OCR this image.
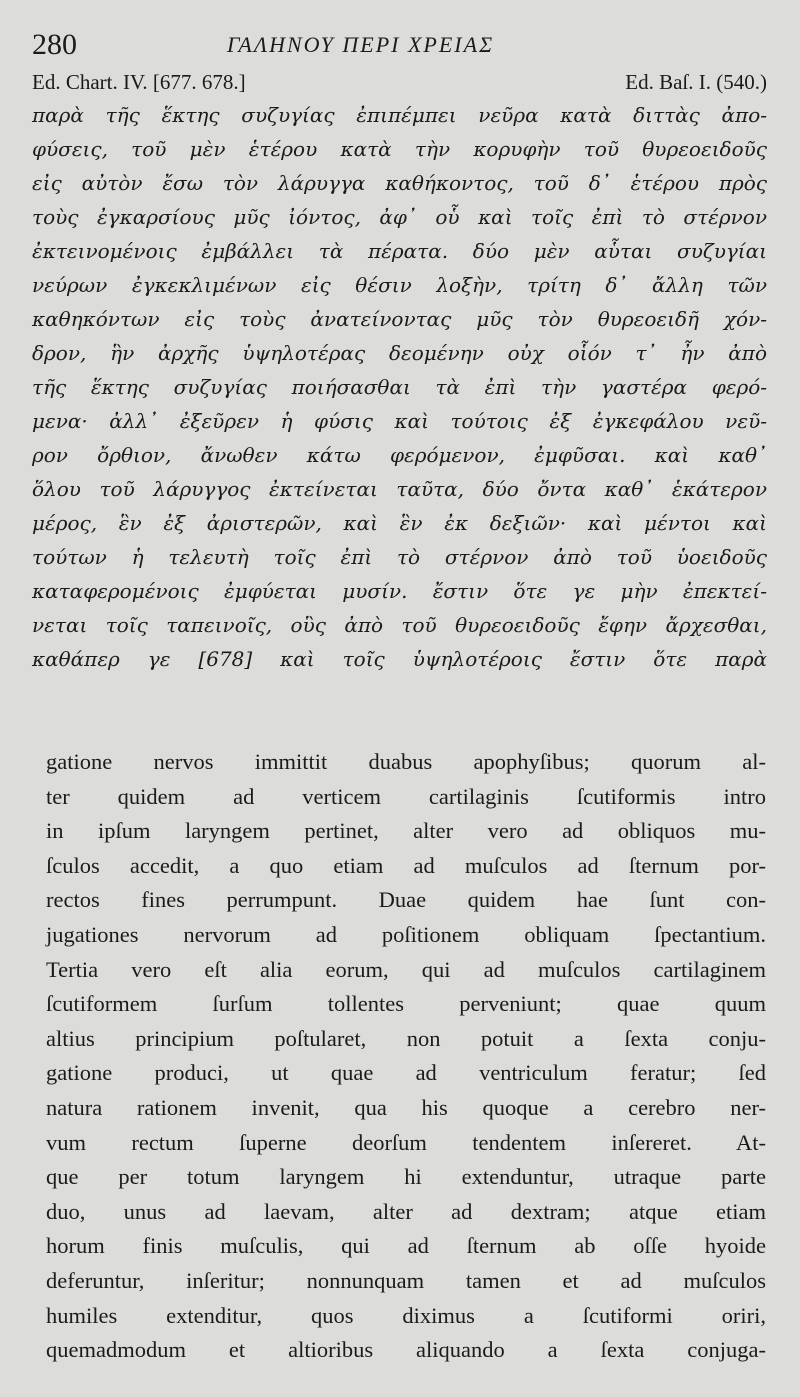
280	ΓΑΛΗΝΟΥ ΠΕΡΙ ΧΡΕΙΑΣ
Ed. Chart. IV. [677. 678.]	Ed. Baſ. I. (540.)
παρὰ τῆς ἕκτης συζυγίας ἐπιπέμπει νεῦρα κατὰ διττὰς ἀπο-
φύσεις, τοῦ μὲν ἑτέρου κατὰ τὴν κορυφὴν τοῦ θυρεοειδοῦς
εἰς αὐτὸν ἔσω τὸν λάρυγγα καθήκοντος, τοῦ δ᾽ ἑτέρου πρὸς
τοὺς ἐγκαρσίους μῦς ἰόντος, ἀφ᾽ οὗ καὶ τοῖς ἐπὶ τὸ στέρνον
ἐκτεινομένοις ἐμβάλλει τὰ πέρατα. δύο μὲν αὗται συζυγίαι
νεύρων ἐγκεκλιμένων εἰς θέσιν λοξὴν, τρίτη δ᾽ ἄλλη τῶν
καθηκόντων εἰς τοὺς ἀνατείνοντας μῦς τὸν θυρεοειδῆ χόν-
δρον, ἣν ἀρχῆς ὑψηλοτέρας δεομένην οὐχ οἷόν τ᾽ ἦν ἀπὸ
τῆς ἕκτης συζυγίας ποιήσασθαι τὰ ἐπὶ τὴν γαστέρα φερό-
μενα· ἀλλ᾽ ἐξεῦρεν ἡ φύσις καὶ τούτοις ἐξ ἐγκεφάλου νεῦ-
ρον ὄρθιον, ἄνωθεν κάτω φερόμενον, ἐμφῦσαι. καὶ καθ᾽
ὅλου τοῦ λάρυγγος ἐκτείνεται ταῦτα, δύο ὄντα καθ᾽ ἑκάτερον
μέρος, ἓν ἐξ ἀριστερῶν, καὶ ἓν ἐκ δεξιῶν· καὶ μέντοι καὶ
τούτων ἡ τελευτὴ τοῖς ἐπὶ τὸ στέρνον ἀπὸ τοῦ ὑοειδοῦς
καταφερομένοις ἐμφύεται μυσίν. ἔστιν ὅτε γε μὴν ἐπεκτεί-
νεται τοῖς ταπεινοῖς, οὓς ἀπὸ τοῦ θυρεοειδοῦς ἔφην ἄρχεσθαι,
καθάπερ γε [678] καὶ τοῖς ὑψηλοτέροις ἔστιν ὅτε παρὰ
gatione nervos immittit duabus apophyſibus; quorum al-
ter quidem ad verticem cartilaginis ſcutiformis intro
in ipſum laryngem pertinet, alter vero ad obliquos mu-
ſculos accedit, a quo etiam ad muſculos ad ſternum por-
rectos fines perrumpunt. Duae quidem hae ſunt con-
jugationes nervorum ad poſitionem obliquam ſpectantium.
Tertia vero eſt alia eorum, qui ad muſculos cartilaginem
ſcutiformem ſurſum tollentes perveniunt; quae quum
altius principium poſtularet, non potuit a ſexta conju-
gatione produci, ut quae ad ventriculum feratur; ſed
natura rationem invenit, qua his quoque a cerebro ner-
vum rectum ſuperne deorſum tendentem inſereret. At-
que per totum laryngem hi extenduntur, utraque parte
duo, unus ad laevam, alter ad dextram; atque etiam
horum finis muſculis, qui ad ſternum ab oſſe hyoide
deferuntur, inſeritur; nonnunquam tamen et ad muſculos
humiles extenditur, quos diximus a ſcutiformi oriri,
quemadmodum et altioribus aliquando a ſexta conjuga-
